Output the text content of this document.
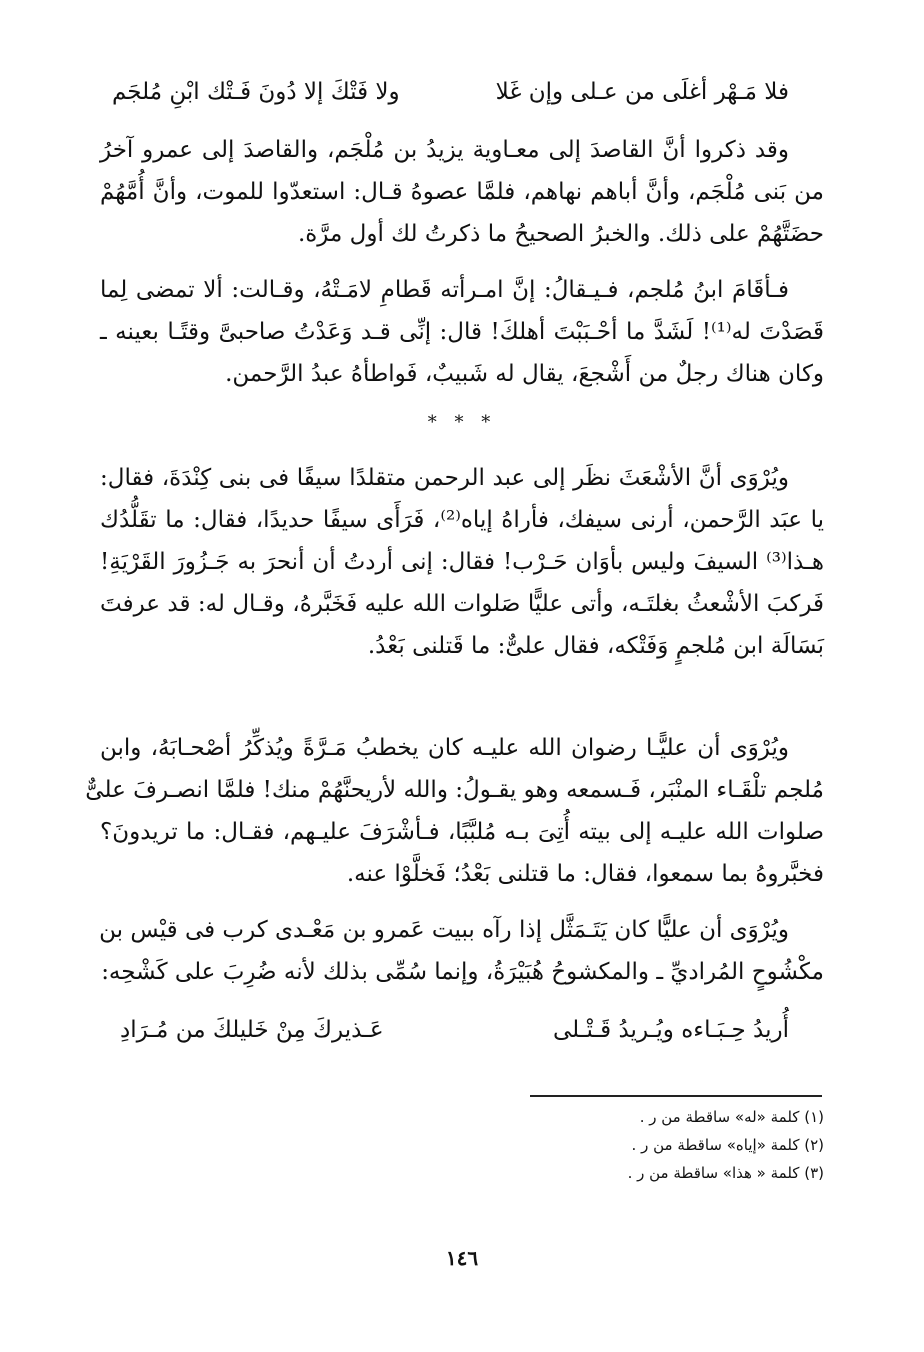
فلا مَـهْر أغلَى من عـلى وإن غَلا
ولا فَتْكَ إلا دُونَ فَـتْك ابْنِ مُلجَم
وقد ذكروا أنَّ القاصدَ إلى معـاوية يزيدُ بن مُلْجَم، والقاصدَ إلى عمرو آخرُ
من بَنى مُلْجَم، وأنَّ أباهم نهاهم، فلمَّا عصوهُ قـال: استعدّوا للموت، وأنَّ أُمَّهُمْ
حضَتَّهُمْ على ذلك. والخبرُ الصحيحُ ما ذكرتُ لك أول مرَّة.
فـأقَامَ ابنُ مُلجم، فـيـقالُ: إنَّ امـرأته قَطامِ لامَـتْهُ، وقـالت: ألا تمضى لِما
قَصَدْتَ له⁽¹⁾! لَشَدَّ ما أحْـبَبْتَ أهلكَ! قال: إنِّى قـد وَعَدْتُ صاحبىَّ وقتًـا بعينه ـ
وكان هناك رجلٌ من أَشْجعَ، يقال له شَبيبٌ، فَواطأهُ عبدُ الرَّحمن.
* * *
ويُرْوَى أنَّ الأشْعَثَ نظَر إلى عبد الرحمن متقلدًا سيفًا فى بنى كِنْدَةَ، فقال:
يا عبَد الرَّحمن، أرنى سيفك، فأراهُ إياه⁽²⁾، فَرَأَى سيفًا حديدًا، فقال: ما تقَلُّدُك
هـذا⁽³⁾ السيفَ وليس بأوَان حَـرْب! فقال: إنى أردتُ أن أنحرَ به جَـزُورَ القَرْيَةِ!
فَركبَ الأشْعثُ بغلتَـه، وأتى عليًّا صَلوات الله عليه فَخَبَّرهُ، وقـال له: قد عرفتَ
بَسَالَة ابن مُلجمٍ وَفَتْكه، فقال علىٌّ: ما قَتلنى بَعْدُ.
ويُرْوَى أن عليًّـا رضوان الله عليـه كان يخطبُ مَـرَّةً ويُذكِّرُ أصْحـابَهُ، وابن
مُلجم تلْقَـاء المنْبَر، فَـسمعه وهو يقـولُ: والله لأريحنَّهُمْ منك! فلمَّا انصـرفَ علىٌّ
صلوات الله عليـه إلى بيته أُتِىَ بـه مُلبَّبًا، فـأشْرَفَ عليـهم، فقـال: ما تريدونَ؟
فخبَّروهُ بما سمعوا، فقال: ما قتلنى بَعْدُ؛ فَخلَّوْا عنه.
ويُرْوَى أن عليًّا كان يَتَـمَثَّل إذا رآه ببيت عَمرو بن مَعْـدى كرب فى قيْس بن
مكْشُوحٍ المُراديِّ ـ والمكشوحُ هُبَيْرَةُ، وإنما سُمِّى بذلك لأنه ضُرِبَ على كَشْحِه:
أُريدُ حِـبَـاءه ويُـريدُ قَـتْـلى
عَـذيركَ مِنْ خَليلكَ من مُـرَادِ
(١) كلمة «له» ساقطة من ر .
(٢) كلمة «إياه» ساقطة من ر .
(٣) كلمة « هذا» ساقطة من ر .
١٤٦
